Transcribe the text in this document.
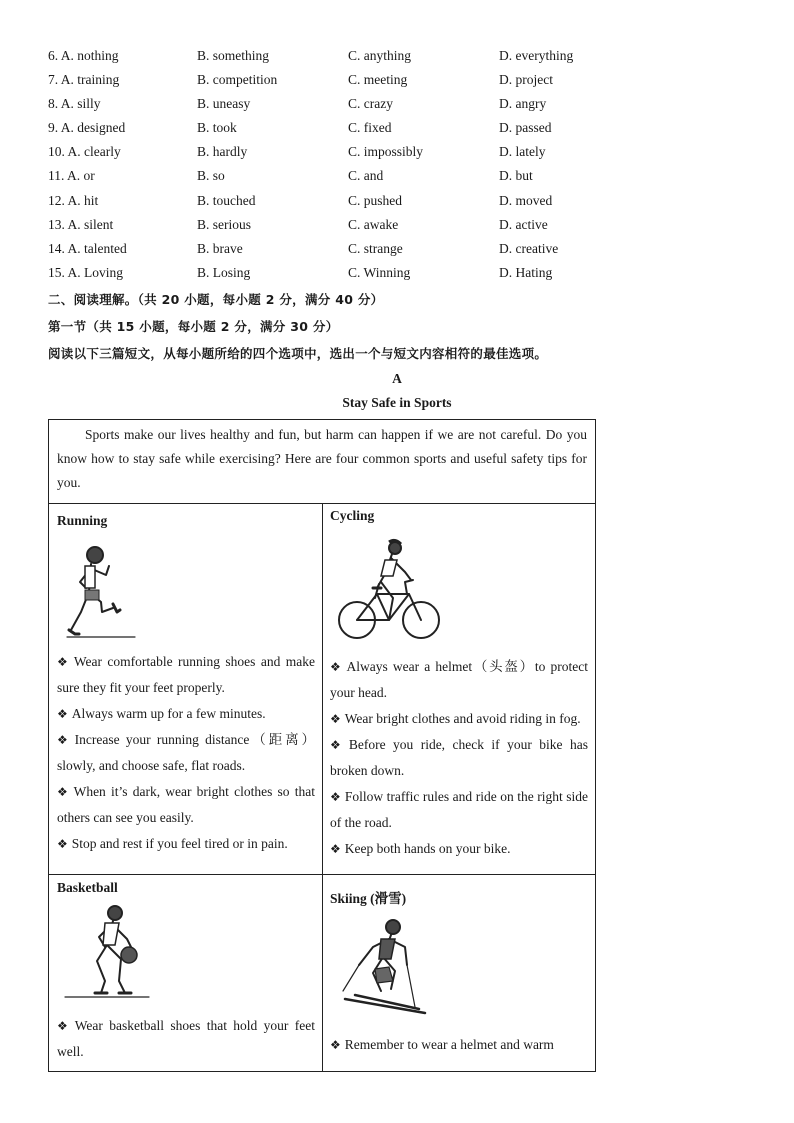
6. A. nothing	B. something	C. anything	D. everything
7. A. training	B. competition	C. meeting	D. project
8. A. silly	B. uneasy	C. crazy	D. angry
9. A. designed	B. took	C. fixed	D. passed
10. A. clearly	B. hardly	C. impossibly	D. lately
11. A. or	B. so	C. and	D. but
12. A. hit	B. touched	C. pushed	D. moved
13. A. silent	B. serious	C. awake	D. active
14. A. talented	B. brave	C. strange	D. creative
15. A. Loving	B. Losing	C. Winning	D. Hating
二、阅读理解。（共 20 小题，每小题 2 分，满分 40 分）
第一节（共 15 小题，每小题 2 分，满分 30 分）
阅读以下三篇短文，从每小题所给的四个选项中，选出一个与短文内容相符的最佳选项。
A
Stay Safe in Sports

Sports make our lives healthy and fun, but harm can happen if we are not careful. Do you know how to stay safe while exercising? Here are four common sports and useful safety tips for you.

Running
❖ Wear comfortable running shoes and make sure they fit your feet properly.
❖ Always warm up for a few minutes.
❖ Increase your running distance（距离）slowly, and choose safe, flat roads.
❖ When it’s dark, wear bright clothes so that others can see you easily.
❖ Stop and rest if you feel tired or in pain.
Cycling
❖ Always wear a helmet（头盔）to protect your head.
❖ Wear bright clothes and avoid riding in fog.
❖ Before you ride, check if your bike has broken down.
❖ Follow traffic rules and ride on the right side of the road.
❖ Keep both hands on your bike.
Basketball
❖ Wear basketball shoes that hold your feet well.
Skiing (滑雪)
❖ Remember to wear a helmet and warm
